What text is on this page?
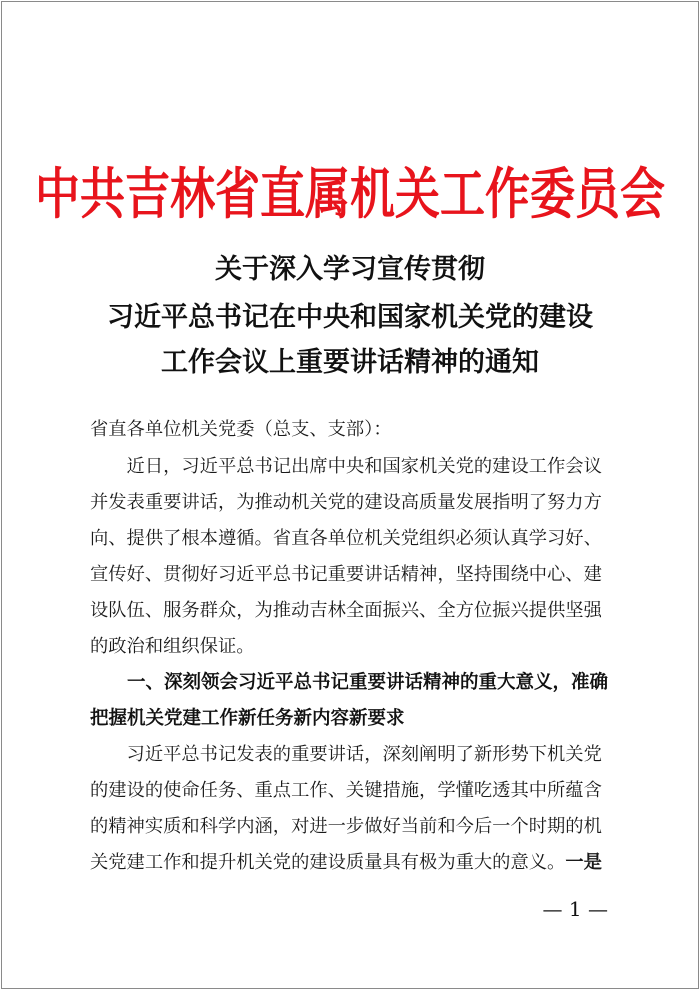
中共吉林省直属机关工作委员会
关于深入学习宣传贯彻
习近平总书记在中央和国家机关党的建设
工作会议上重要讲话精神的通知
省直各单位机关党委（总支、支部）：
　　近日，习近平总书记出席中央和国家机关党的建设工作会议
并发表重要讲话，为推动机关党的建设高质量发展指明了努力方
向、提供了根本遵循。省直各单位机关党组织必须认真学习好、
宣传好、贯彻好习近平总书记重要讲话精神，坚持围绕中心、建
设队伍、服务群众，为推动吉林全面振兴、全方位振兴提供坚强
的政治和组织保证。
　　一、深刻领会习近平总书记重要讲话精神的重大意义，准确
把握机关党建工作新任务新内容新要求
　　习近平总书记发表的重要讲话，深刻阐明了新形势下机关党
的建设的使命任务、重点工作、关键措施，学懂吃透其中所蕴含
的精神实质和科学内涵，对进一步做好当前和今后一个时期的机
关党建工作和提升机关党的建设质量具有极为重大的意义。一是
— 1 —
